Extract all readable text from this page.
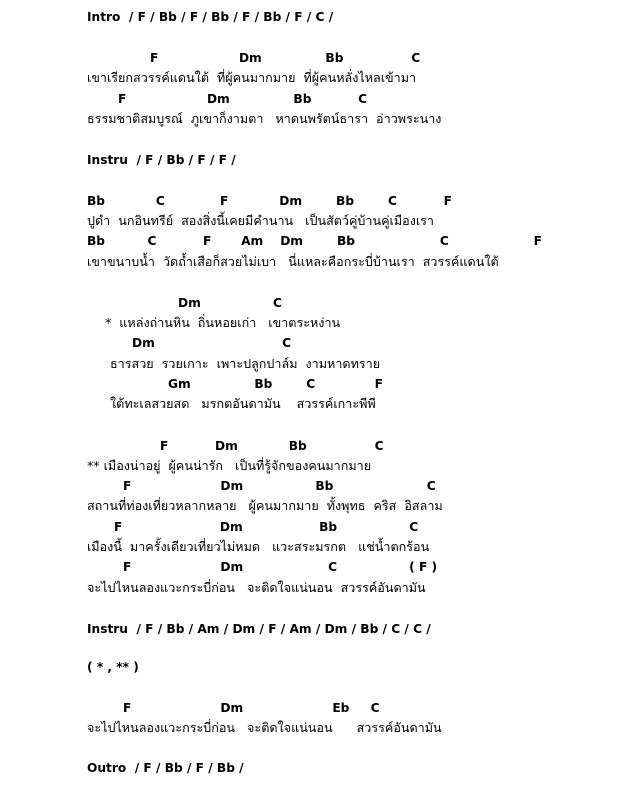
Intro  / F / Bb / F / Bb / F / Bb / F / C /
F                   Dm               Bb                C
เขาเรียกสวรรค์แดนใต้  ที่ผู้คนมากมาย  ที่ผู้คนหลั่งไหลเข้ามา
F                   Dm               Bb           C
ธรรมชาติสมบูรณ์  ภูเขาก็งามตา   หาดนพรัตน์ธารา  อ่าวพระนาง
Instru  / F / Bb / F / F /
Bb            C             F            Dm        Bb        C           F
ปูดำ  นกอินทรีย์  สองสิ่งนี้เคยมีคำนาน   เป็นสัตว์คู่บ้านคู่เมืองเรา
Bb          C           F       Am    Dm        Bb                    C                    F
เขาขนาบน้ำ  วัดถ้ำเสือก็สวยไม่เบา   นี่แหละคือกระบี่บ้านเรา  สวรรค์แดนใต้
Dm                 C
*  แหล่งถ่านหิน  ถิ่นหอยเก่า   เขาตระหง่าน
Dm                              C
ธารสวย  รวยเกาะ  เพาะปลูกปาล์ม  งามหาดทราย
Gm               Bb        C              F
ใต้ทะเลสวยสด   มรกตอันดามัน    สวรรค์เกาะพีพี
F           Dm            Bb                C
** เมืองน่าอยู่  ผู้คนน่ารัก   เป็นที่รู้จักของคนมากมาย
F                     Dm                 Bb                      C
สถานที่ท่องเที่ยวหลากหลาย   ผู้คนมากมาย  ทั้งพุทธ  คริส  อิสลาม
F                       Dm                  Bb                 C
เมืองนี้  มาครั้งเดียวเที่ยวไม่หมด   แวะสระมรกต   แช่น้ำตกร้อน
F                     Dm                    C                 ( F )
จะไปไหนลองแวะกระบี่ก่อน   จะติดใจแน่นอน  สวรรค์อันดามัน
Instru  / F / Bb / Am / Dm / F / Am / Dm / Bb / C / C /
( * , ** )
F                     Dm                     Eb     C
จะไปไหนลองแวะกระบี่ก่อน   จะติดใจแน่นอน      สวรรค์อันดามัน
Outro  / F / Bb / F / Bb /
